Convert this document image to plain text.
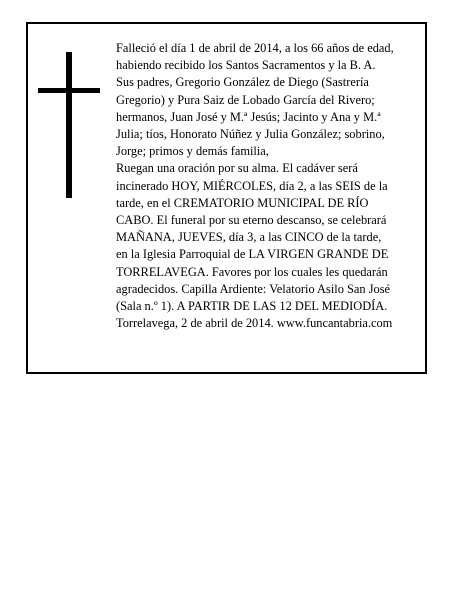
Falleció el día 1 de abril de 2014, a los 66 años de edad,
habiendo recibido los Santos Sacramentos y la B. A.
Sus padres, Gregorio González de Diego (Sastrería
Gregorio) y Pura Saiz de Lobado García del Rivero;
hermanos, Juan José y M.ª Jesús; Jacinto y Ana y M.ª
Julia; tíos, Honorato Núñez y Julia González; sobrino,
Jorge; primos y demás familia,
Ruegan una oración por su alma. El cadáver será
incinerado HOY, MIÉRCOLES, día 2, a las SEIS de la
tarde, en el CREMATORIO MUNICIPAL DE RÍO
CABO. El funeral por su eterno descanso, se celebrará
MAÑANA, JUEVES, día 3, a las CINCO de la tarde,
en la Iglesia Parroquial de LA VIRGEN GRANDE DE
TORRELAVEGA. Favores por los cuales les quedarán
agradecidos. Capilla Ardiente: Velatorio Asilo San José
(Sala n.º 1). A PARTIR DE LAS 12 DEL MEDIODÍA.
Torrelavega, 2 de abril de 2014. www.funcantabria.com
